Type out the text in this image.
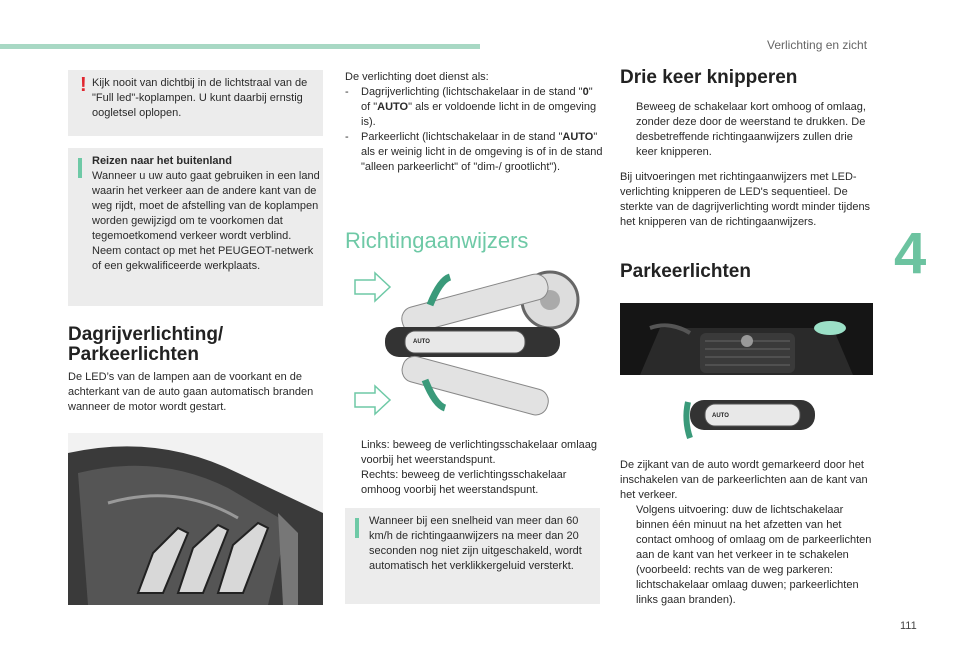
Verlichting en zicht
4
111
! Kijk nooit van dichtbij in de lichtstraal van de "Full led"-koplampen. U kunt daarbij ernstig oogletsel oplopen.

Reizen naar het buitenland

Wanneer u uw auto gaat gebruiken in een land waarin het verkeer aan de andere kant van de weg rijdt, moet de afstelling van de koplampen worden gewijzigd om te voorkomen dat tegemoetkomend verkeer wordt verblind.

Neem contact op met het PEUGEOT-netwerk of een gekwalificeerde werkplaats.

Dagrijverlichting/
Parkeerlichten

De LED’s van de lampen aan de voorkant en de achterkant van de auto gaan automatisch branden wanneer de motor wordt gestart.

De verlichting doet dienst als:

-	Dagrijverlichting (lichtschakelaar in de stand "0" of "AUTO" als er voldoende licht in de omgeving is).
-	Parkeerlicht (lichtschakelaar in de stand "AUTO" als er weinig licht in de omgeving is of in de stand "alleen parkeerlicht" of "dim-/ grootlicht").
Richtingaanwijzers
AUTO
Links: beweeg de verlichtingsschakelaar omlaag voorbij het weerstandspunt.
Rechts: beweeg de verlichtingsschakelaar omhoog voorbij het weerstandspunt.

Wanneer bij een snelheid van meer dan 60 km/h de richtingaanwijzers na meer dan 20 seconden nog niet zijn uitgeschakeld, wordt automatisch het verklikkergeluid versterkt.

Drie keer knipperen
Beweeg de schakelaar kort omhoog of omlaag, zonder deze door de weerstand te drukken. De desbetreffende richtingaanwijzers zullen drie keer knipperen.

Bij uitvoeringen met richtingaanwijzers met LED-verlichting knipperen de LED's sequentieel. De sterkte van de dagrijverlichting wordt minder tijdens het knipperen van de richtingaanwijzers.

Parkeerlichten
AUTO

De zijkant van de auto wordt gemarkeerd door het inschakelen van de parkeerlichten aan de kant van het verkeer.

Volgens uitvoering: duw de lichtschakelaar binnen één minuut na het afzetten van het contact omhoog of omlaag om de parkeerlichten aan de kant van het verkeer in te schakelen (voorbeeld: rechts van de weg parkeren: lichtschakelaar omlaag duwen; parkeerlichten links gaan branden).
